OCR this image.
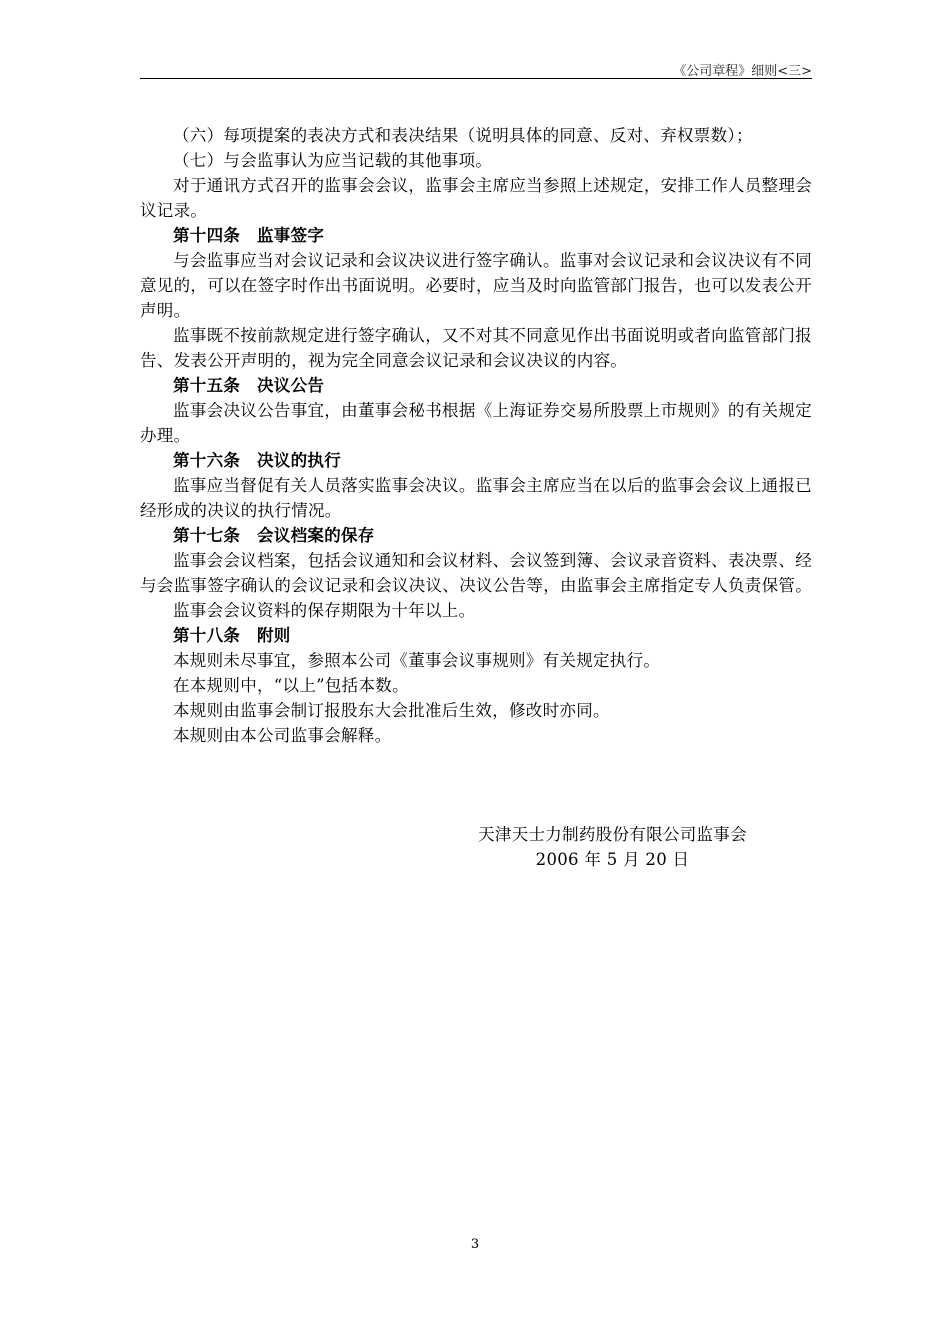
《公司章程》细则<三>
（六）每项提案的表决方式和表决结果（说明具体的同意、反对、弃权票数）；
（七）与会监事认为应当记载的其他事项。
对于通讯方式召开的监事会会议，监事会主席应当参照上述规定，安排工作人员整理会议记录。
第十四条　监事签字
与会监事应当对会议记录和会议决议进行签字确认。监事对会议记录和会议决议有不同意见的，可以在签字时作出书面说明。必要时，应当及时向监管部门报告，也可以发表公开声明。
监事既不按前款规定进行签字确认，又不对其不同意见作出书面说明或者向监管部门报告、发表公开声明的，视为完全同意会议记录和会议决议的内容。
第十五条　决议公告
监事会决议公告事宜，由董事会秘书根据《上海证券交易所股票上市规则》的有关规定办理。
第十六条　决议的执行
监事应当督促有关人员落实监事会决议。监事会主席应当在以后的监事会会议上通报已经形成的决议的执行情况。
第十七条　会议档案的保存
监事会会议档案，包括会议通知和会议材料、会议签到簿、会议录音资料、表决票、经与会监事签字确认的会议记录和会议决议、决议公告等，由监事会主席指定专人负责保管。
监事会会议资料的保存期限为十年以上。
第十八条　附则
本规则未尽事宜，参照本公司《董事会议事规则》有关规定执行。
在本规则中，“以上”包括本数。
本规则由监事会制订报股东大会批准后生效，修改时亦同。
本规则由本公司监事会解释。
天津天士力制药股份有限公司监事会
2006 年 5 月 20 日
3
